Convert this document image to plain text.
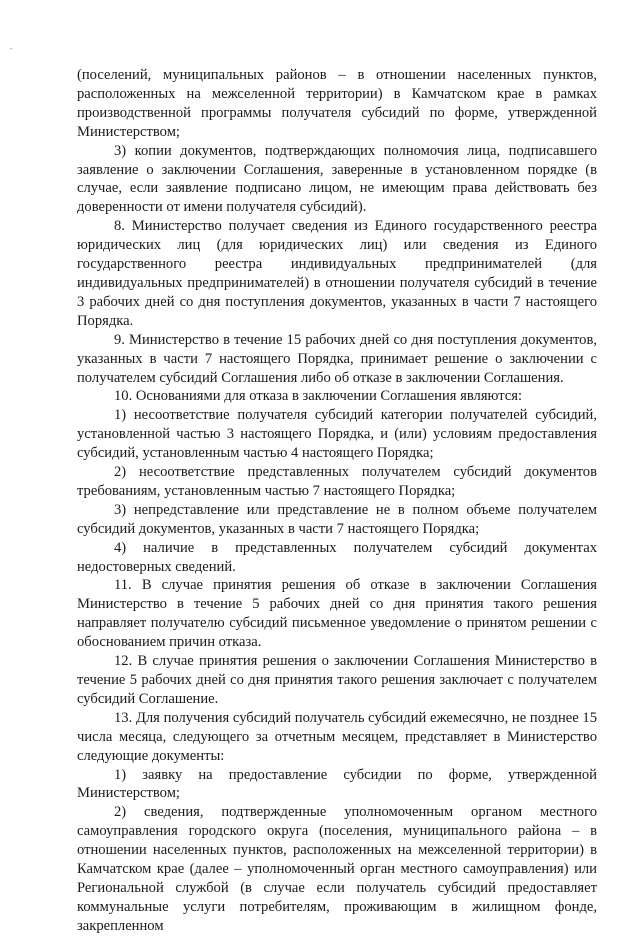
-

(поселений, муниципальных районов – в отношении населенных пунктов, расположенных на межселенной территории) в Камчатском крае в рамках производственной программы получателя субсидий по форме, утвержденной Министерством;

3) копии документов, подтверждающих полномочия лица, подписавшего заявление о заключении Соглашения, заверенные в установленном порядке (в случае, если заявление подписано лицом, не имеющим права действовать без доверенности от имени получателя субсидий).

8. Министерство получает сведения из Единого государственного реестра юридических лиц (для юридических лиц) или сведения из Единого государственного реестра индивидуальных предпринимателей (для индивидуальных предпринимателей) в отношении получателя субсидий в течение 3 рабочих дней со дня поступления документов, указанных в части 7 настоящего Порядка.

9. Министерство в течение 15 рабочих дней со дня поступления документов, указанных в части 7 настоящего Порядка, принимает решение о заключении с получателем субсидий Соглашения либо об отказе в заключении Соглашения.

10. Основаниями для отказа в заключении Соглашения являются:

1) несоответствие получателя субсидий категории получателей субсидий, установленной частью 3 настоящего Порядка, и (или) условиям предоставления субсидий, установленным частью 4 настоящего Порядка;

2) несоответствие представленных получателем субсидий документов требованиям, установленным частью 7 настоящего Порядка;

3) непредставление или представление не в полном объеме получателем субсидий документов, указанных в части 7 настоящего Порядка;

4) наличие в представленных получателем субсидий документах недостоверных сведений.

11. В случае принятия решения об отказе в заключении Соглашения Министерство в течение 5 рабочих дней со дня принятия такого решения направляет получателю субсидий письменное уведомление о принятом решении с обоснованием причин отказа.

12. В случае принятия решения о заключении Соглашения Министерство в течение 5 рабочих дней со дня принятия такого решения заключает с получателем субсидий Соглашение.

13. Для получения субсидий получатель субсидий ежемесячно, не позднее 15 числа месяца, следующего за отчетным месяцем, представляет в Министерство следующие документы:

1) заявку на предоставление субсидии по форме, утвержденной Министерством;

2) сведения, подтвержденные уполномоченным органом местного самоуправления городского округа (поселения, муниципального района – в отношении населенных пунктов, расположенных на межселенной территории) в Камчатском крае (далее – уполномоченный орган местного самоуправления) или Региональной службой (в случае если получатель субсидий предоставляет коммунальные услуги потребителям, проживающим в жилищном фонде, закрепленном
